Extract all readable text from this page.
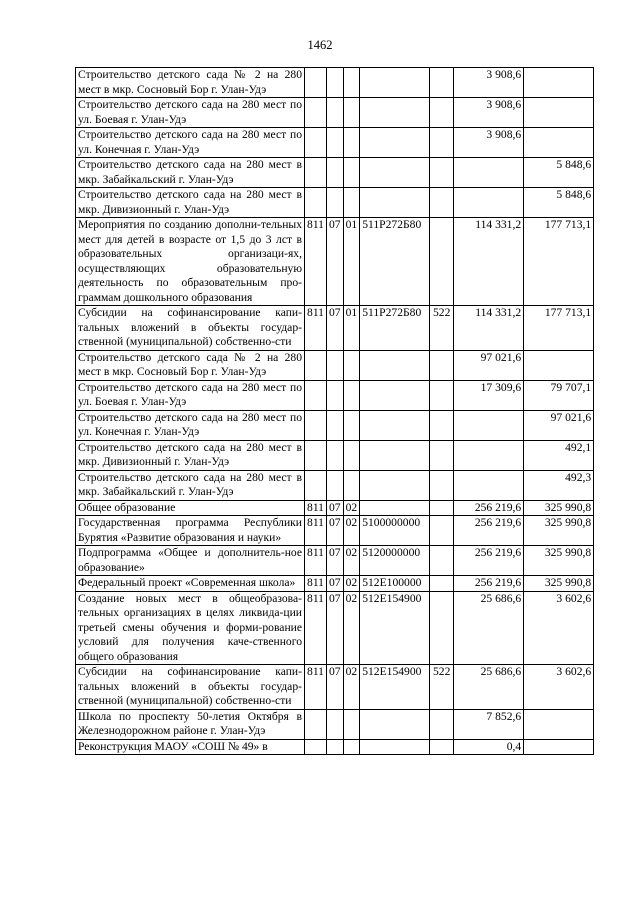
1462
Строительство детского сада № 2 на 280 мест в мкр. Сосновый Бор г. Улан-Удэ						3 908,6	
Строительство детского сада на 280 мест по ул. Боевая г. Улан-Удэ						3 908,6	
Строительство детского сада на 280 мест по ул. Конечная г. Улан-Удэ						3 908,6	
Строительство детского сада на 280 мест в мкр. Забайкальский г. Улан-Удэ							5 848,6
Строительство детского сада на 280 мест в мкр. Дивизионный г. Улан-Удэ							5 848,6
Мероприятия по созданию дополни-тельных мест для детей в возрасте от 1,5 до 3 лст в образовательных организаци-ях, осуществляющих образовательную деятельность по образовательным про-граммам дошкольного образования	811	07	01	511Р272Б80		114 331,2	177 713,1
Субсидии на софинансирование капи-тальных вложений в объекты государ-ственной (муниципальной) собственно-сти	811	07	01	511Р272Б80	522	114 331,2	177 713,1
Строительство детского сада № 2 на 280 мест в мкр. Сосновый Бор г. Улан-Удэ						97 021,6	
Строительство детского сада на 280 мест по ул. Боевая г. Улан-Удэ						17 309,6	79 707,1
Строительство детского сада на 280 мест по ул. Конечная г. Улан-Удэ							97 021,6
Строительство детского сада на 280 мест в мкр. Дивизионный г. Улан-Удэ							492,1
Строительство детского сада на 280 мест в мкр. Забайкальский г. Улан-Удэ							492,3
Общее образование	811	07	02			256 219,6	325 990,8
Государственная программа Республики Бурятия «Развитие образования и науки»	811	07	02	5100000000		256 219,6	325 990,8
Подпрограмма «Общее и дополнитель-ное образование»	811	07	02	5120000000		256 219,6	325 990,8
Федеральный проект «Современная школа»	811	07	02	512Е100000		256 219,6	325 990,8
Создание новых мест в общеобразова-тельных организациях в целях ликвида-ции третьей смены обучения и форми-рование условий для получения каче-ственного общего образования	811	07	02	512Е154900		25 686,6	3 602,6
Субсидии на софинансирование капи-тальных вложений в объекты государ-ственной (муниципальной) собственно-сти	811	07	02	512Е154900	522	25 686,6	3 602,6
Школа по проспекту 50-летия Октября в Железнодорожном районе г. Улан-Удэ						7 852,6	
Реконструкция МАОУ «СОШ № 49» в						0,4	
